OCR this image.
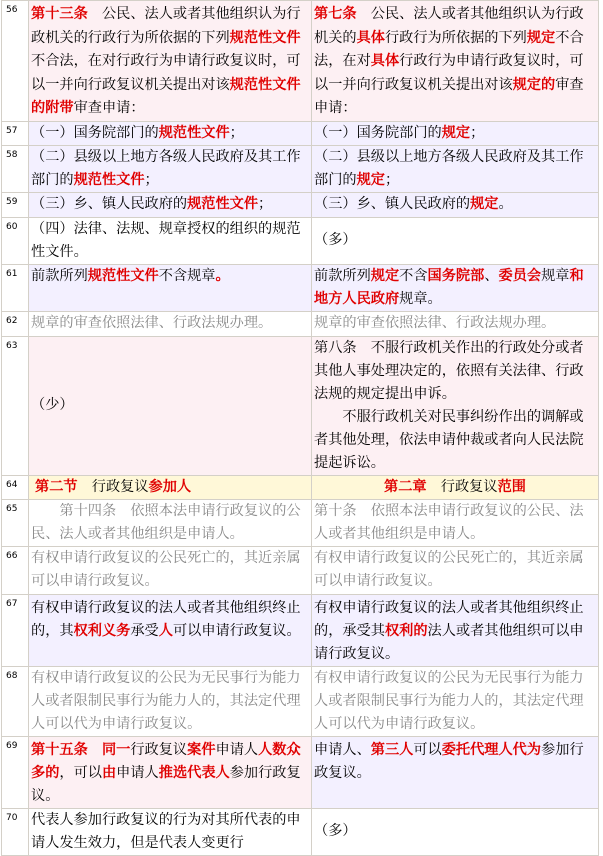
56	第十三条　公民、法人或者其他组织认为行政机关的行政行为所依据的下列规范性文件不合法，在对行政行为申请行政复议时，可以一并向行政复议机关提出对该规范性文件的附带审查申请：	第七条　公民、法人或者其他组织认为行政机关的具体行政行为所依据的下列规定不合法，在对具体行政行为申请行政复议时，可以一并向行政复议机关提出对该规定的审查申请：
57	（一）国务院部门的规范性文件；	（一）国务院部门的规定；
58	（二）县级以上地方各级人民政府及其工作部门的规范性文件；	（二）县级以上地方各级人民政府及其工作部门的规定；
59	（三）乡、镇人民政府的规范性文件；	（三）乡、镇人民政府的规定。
60	（四）法律、法规、规章授权的组织的规范性文件。	（多）
61	前款所列规范性文件不含规章。	前款所列规定不含国务院部、委员会规章和地方人民政府规章。
62	规章的审查依照法律、行政法规办理。	规章的审查依照法律、行政法规办理。
63	（少）	第八条　不服行政机关作出的行政处分或者其他人事处理决定的，依照有关法律、行政法规的规定提出申诉。
不服行政机关对民事纠纷作出的调解或者其他处理，依法申请仲裁或者向人民法院提起诉讼。

64	第二节　行政复议参加人	第二章　行政复议范围
65	　　第十四条　依照本法申请行政复议的公民、法人或者其他组织是申请人。	第十条　依照本法申请行政复议的公民、法人或者其他组织是申请人。
66	有权申请行政复议的公民死亡的，其近亲属可以申请行政复议。	有权申请行政复议的公民死亡的，其近亲属可以申请行政复议。
67	有权申请行政复议的法人或者其他组织终止的，其权利义务承受人可以申请行政复议。	有权申请行政复议的法人或者其他组织终止的，承受其权利的法人或者其他组织可以申请行政复议。
68	有权申请行政复议的公民为无民事行为能力人或者限制民事行为能力人的，其法定代理人可以代为申请行政复议。	有权申请行政复议的公民为无民事行为能力人或者限制民事行为能力人的，其法定代理人可以代为申请行政复议。
69	第十五条　 同一行政复议案件申请人人数众多的，可以由申请人推选代表人参加行政复议。	申请人、第三人可以委托代理人代为参加行政复议。
70	代表人参加行政复议的行为对其所代表的申请人发生效力，但是代表人变更行	（多）
